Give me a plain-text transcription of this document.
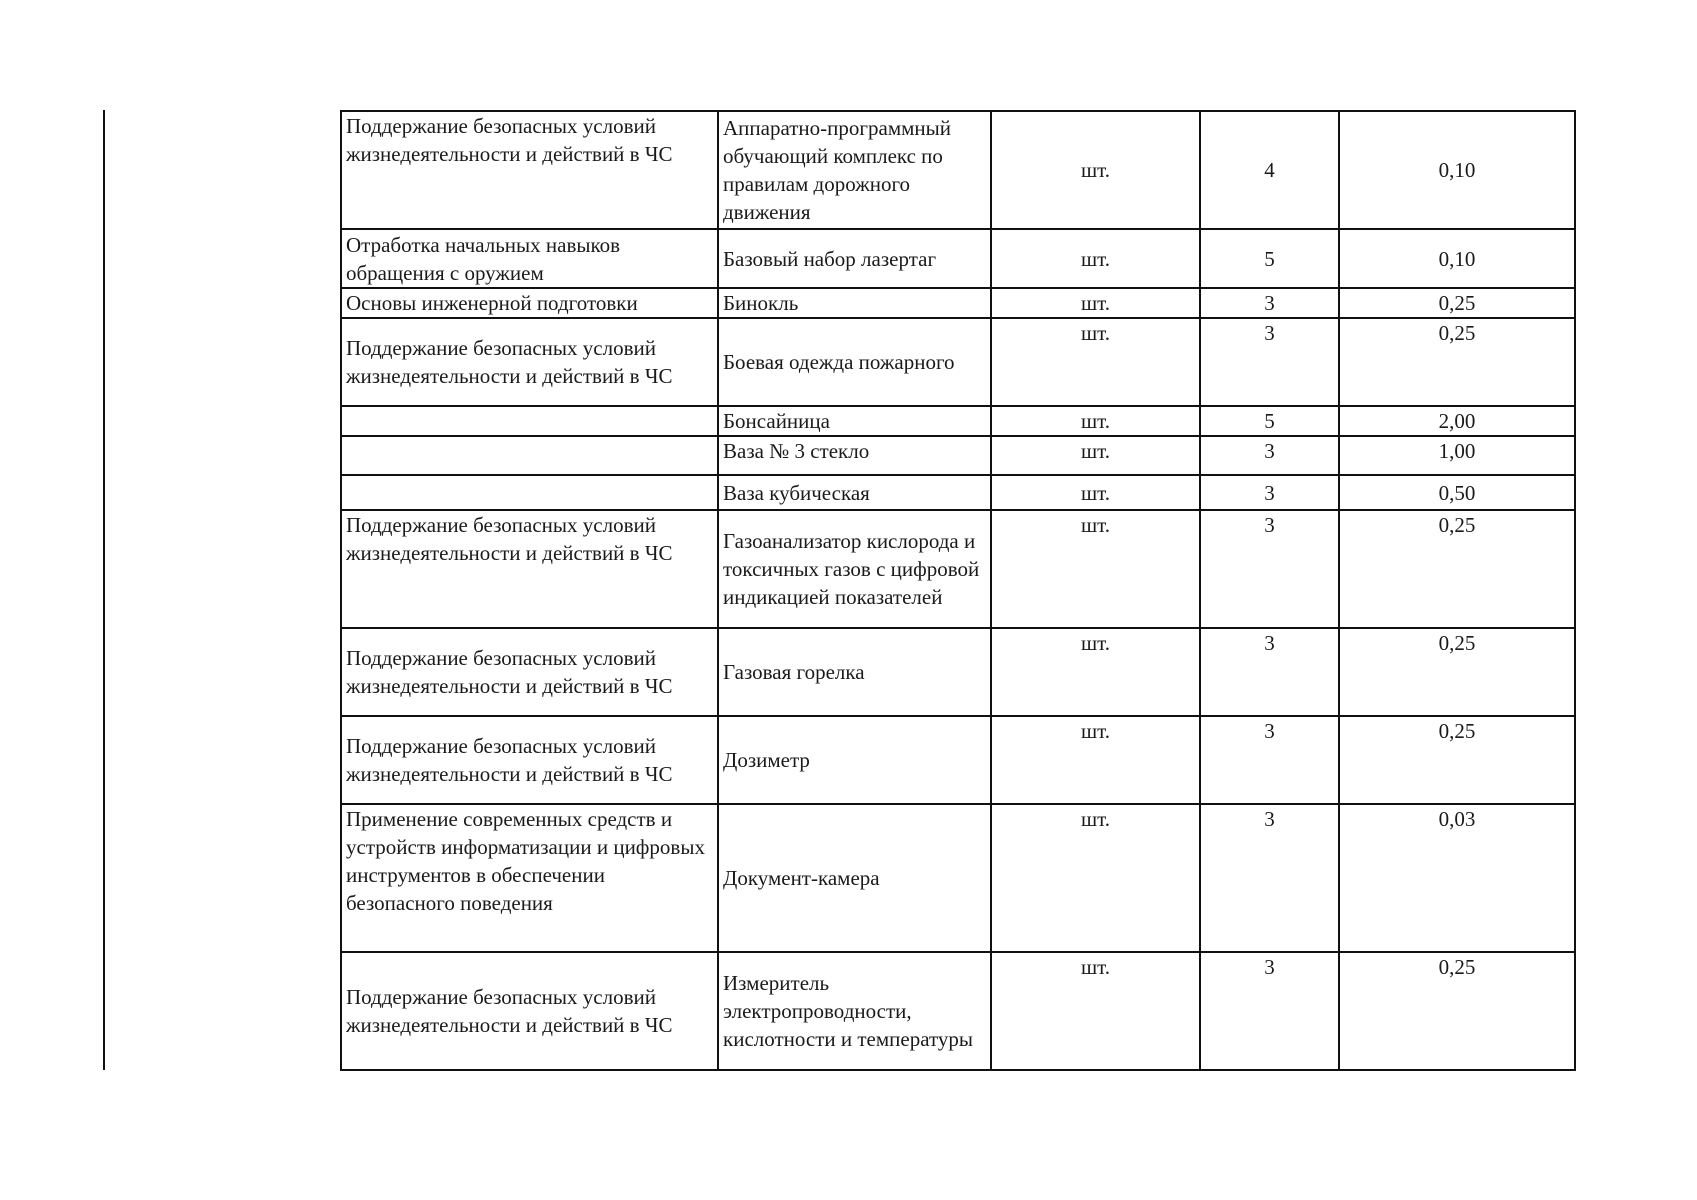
Поддержание безопасных условий жизнедеятельности и действий в ЧС	Аппаратно-программный обучающий комплекс по правилам дорожного движения	шт.	4	0,10
Отработка начальных навыков обращения с оружием	Базовый набор лазертаг	шт.	5	0,10
Основы инженерной подготовки	Бинокль	шт.	3	0,25
Поддержание безопасных условий жизнедеятельности и действий в ЧС	Боевая одежда пожарного	шт.	3	0,25
	Бонсайница	шт.	5	2,00
	Ваза № 3 стекло	шт.	3	1,00
	Ваза кубическая	шт.	3	0,50
Поддержание безопасных условий жизнедеятельности и действий в ЧС	Газоанализатор кислорода и токсичных газов с цифровой индикацией показателей	шт.	3	0,25
Поддержание безопасных условий жизнедеятельности и действий в ЧС	Газовая горелка	шт.	3	0,25
Поддержание безопасных условий жизнедеятельности и действий в ЧС	Дозиметр	шт.	3	0,25
Применение современных средств и устройств информатизации и цифровых инструментов в обеспечении безопасного поведения	Документ-камера	шт.	3	0,03
Поддержание безопасных условий жизнедеятельности и действий в ЧС	Измеритель электропроводности, кислотности и температуры	шт.	3	0,25
